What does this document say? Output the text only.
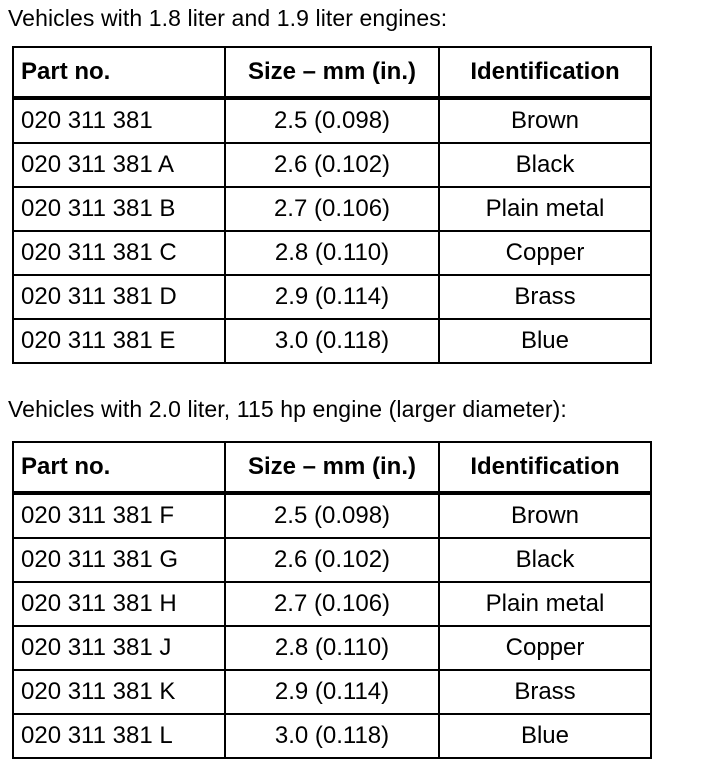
Vehicles with 1.8 liter and 1.9 liter engines:

Part no.	Size – mm (in.)	Identification
020 311 381	2.5 (0.098)	Brown
020 311 381 A	2.6 (0.102)	Black
020 311 381 B	2.7 (0.106)	Plain metal
020 311 381 C	2.8 (0.110)	Copper
020 311 381 D	2.9 (0.114)	Brass
020 311 381 E	3.0 (0.118)	Blue

Vehicles with 2.0 liter, 115 hp engine (larger diameter):

Part no.	Size – mm (in.)	Identification
020 311 381 F	2.5 (0.098)	Brown
020 311 381 G	2.6 (0.102)	Black
020 311 381 H	2.7 (0.106)	Plain metal
020 311 381 J	2.8 (0.110)	Copper
020 311 381 K	2.9 (0.114)	Brass
020 311 381 L	3.0 (0.118)	Blue
